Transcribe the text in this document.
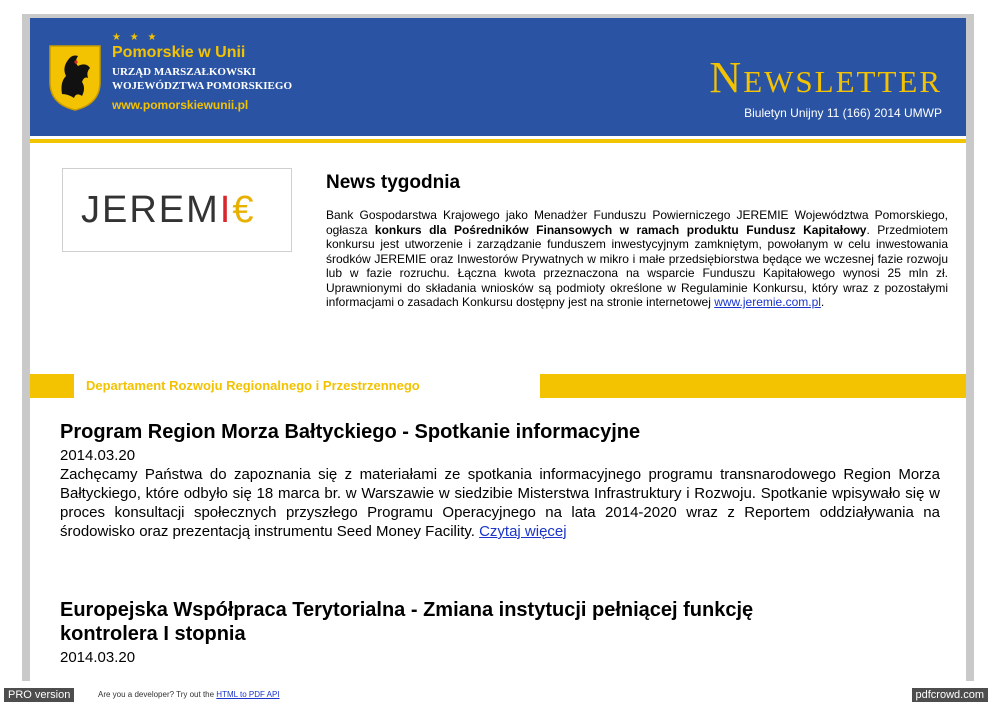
★ ★ ★
Pomorskie w Unii
URZĄD MARSZAŁKOWSKI
WOJEWÓDZTWA POMORSKIEGO
www.pomorskiewunii.pl
Newsletter
Biuletyn Unijny 11 (166) 2014 UMWP
JEREMI€
News tygodnia
Bank Gospodarstwa Krajowego jako Menadżer Funduszu Powierniczego JEREMIE Województwa Pomorskiego, ogłasza konkurs dla Pośredników Finansowych w ramach produktu Fundusz Kapitałowy. Przedmiotem konkursu jest utworzenie i zarządzanie funduszem inwestycyjnym zamkniętym, powołanym w celu inwestowania środków JEREMIE oraz Inwestorów Prywatnych w mikro i małe przedsiębiorstwa będące we wczesnej fazie rozwoju lub w fazie rozruchu. Łączna kwota przeznaczona na wsparcie Funduszu Kapitałowego wynosi 25 mln zł. Uprawnionymi do składania wniosków są podmioty określone w Regulaminie Konkursu, który wraz z pozostałymi informacjami o zasadach Konkursu dostępny jest na stronie internetowej www.jeremie.com.pl.
Departament Rozwoju Regionalnego i Przestrzennego
Program Region Morza Bałtyckiego - Spotkanie informacyjne
2014.03.20
Zachęcamy Państwa do zapoznania się z materiałami ze spotkania informacyjnego programu transnarodowego Region Morza Bałtyckiego, które odbyło się 18 marca br. w Warszawie w siedzibie Misterstwa Infrastruktury i Rozwoju. Spotkanie wpisywało się w proces konsultacji społecznych przyszłego Programu Operacyjnego na lata 2014-2020 wraz z Reportem oddziaływania na środowisko oraz prezentacją instrumentu Seed Money Facility. Czytaj więcej
Europejska Współpraca Terytorialna - Zmiana instytucji pełniącej funkcję kontrolera I stopnia
2014.03.20
PRO version	Are you a developer? Try out the HTML to PDF API	pdfcrowd.com
